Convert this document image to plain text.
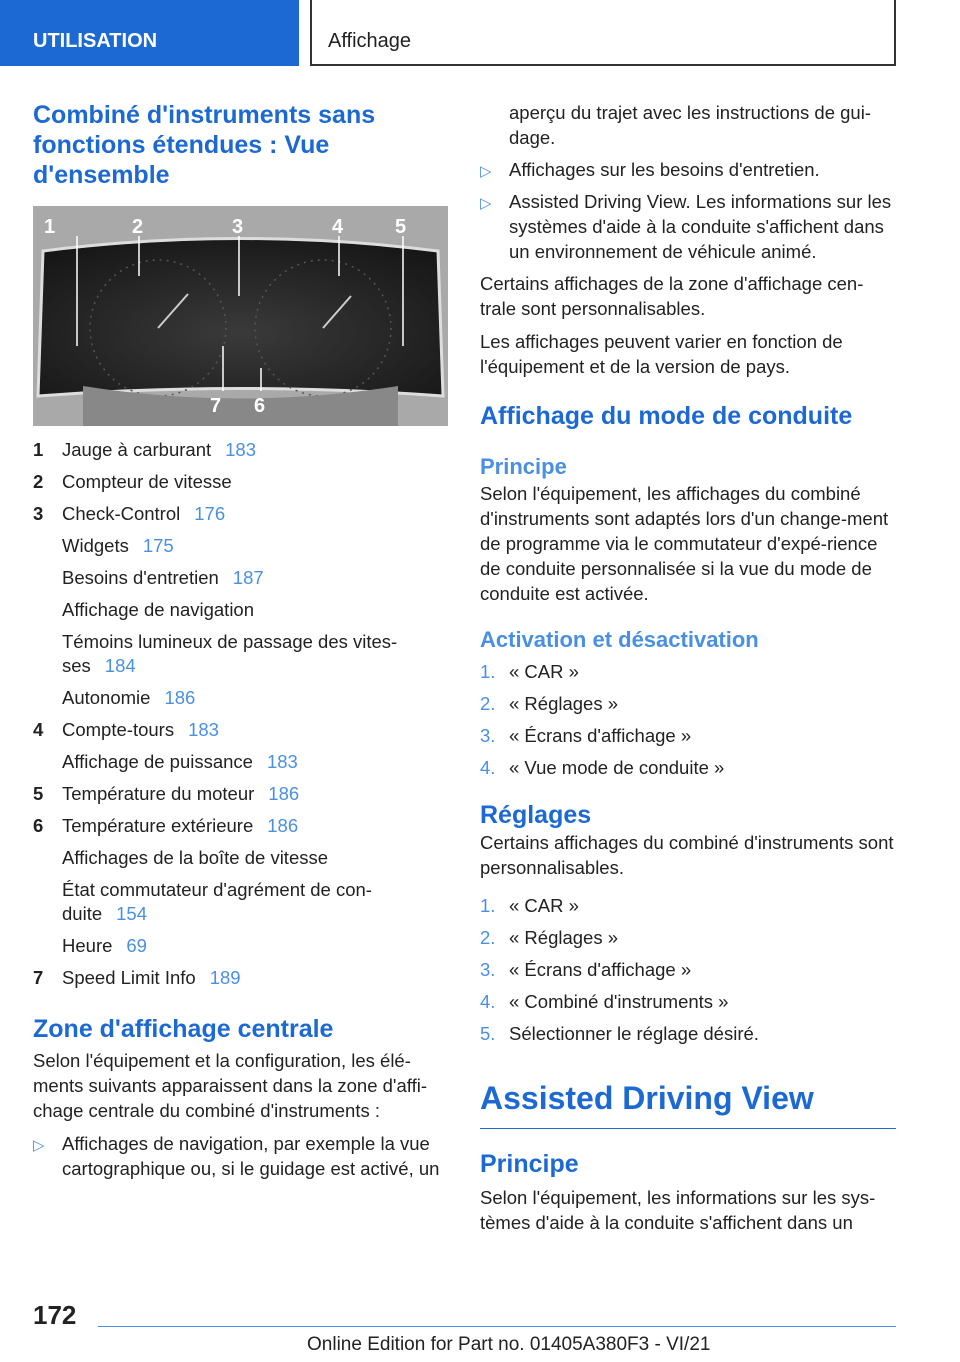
UTILISATION	Affichage
Combiné d'instruments sans fonctions étendues : Vue d'ensemble
1	2	3	4	5
7 6
1	Jauge à carburant 183
2	Compteur de vitesse
3	Check-Control 176
Widgets 175
Besoins d'entretien 187
Affichage de navigation
Témoins lumineux de passage des vites-ses 184
Autonomie 186
4	Compte-tours 183
Affichage de puissance 183
5	Température du moteur 186
6	Température extérieure 186
Affichages de la boîte de vitesse
État commutateur d'agrément de con-duite 154
Heure 69
7	Speed Limit Info 189
Zone d'affichage centrale

Selon l'équipement et la configuration, les élé-ments suivants apparaissent dans la zone d'affi-chage centrale du combiné d'instruments :

▷ Affichages de navigation, par exemple la vue cartographique ou, si le guidage est activé, un

aperçu du trajet avec les instructions de gui-dage.

▷ Affichages sur les besoins d'entretien.
▷ Assisted Driving View. Les informations sur les systèmes d'aide à la conduite s'affichent dans un environnement de véhicule animé.

Certains affichages de la zone d'affichage cen-trale sont personnalisables.

Les affichages peuvent varier en fonction de l'équipement et de la version de pays.

Affichage du mode de conduite
Principe

Selon l'équipement, les affichages du combiné d'instruments sont adaptés lors d'un change-ment de programme via le commutateur d'expé-rience de conduite personnalisée si la vue du mode de conduite est activée.

Activation et désactivation
1. « CAR »
2. « Réglages »
3. « Écrans d'affichage »
4. « Vue mode de conduite »
Réglages

Certains affichages du combiné d'instruments sont personnalisables.

1. « CAR »
2. « Réglages »
3. « Écrans d'affichage »
4. « Combiné d'instruments »
5. Sélectionner le réglage désiré.
Assisted Driving View
Principe

Selon l'équipement, les informations sur les sys-tèmes d'aide à la conduite s'affichent dans un

172
Online Edition for Part no. 01405A380F3 - VI/21
